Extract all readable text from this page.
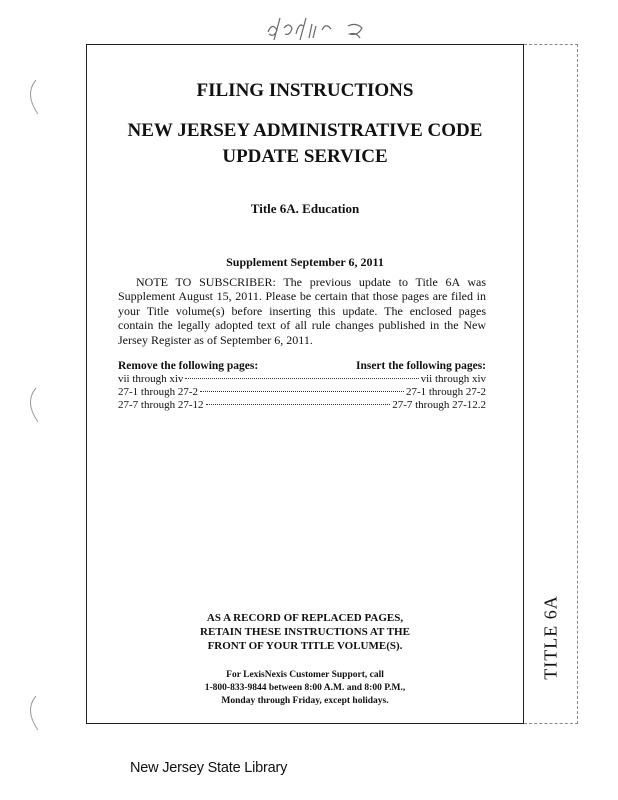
TITLE 6A
FILING INSTRUCTIONS
NEW JERSEY ADMINISTRATIVE CODE
UPDATE SERVICE
Title 6A. Education
Supplement September 6, 2011

NOTE TO SUBSCRIBER: The previous update to Title 6A was Supplement August 15, 2011. Please be certain that those pages are filed in your Title volume(s) before inserting this update. The enclosed pages contain the legally adopted text of all rule changes published in the New Jersey Register as of September 6, 2011.

Remove the following pages:	Insert the following pages:
vii through xiv	vii through xiv
27-1 through 27-2	27-1 through 27-2
27-7 through 27-12	27-7 through 27-12.2
AS A RECORD OF REPLACED PAGES,
RETAIN THESE INSTRUCTIONS AT THE
FRONT OF YOUR TITLE VOLUME(S).
For LexisNexis Customer Support, call
1-800-833-9844 between 8:00 A.M. and 8:00 P.M.,
Monday through Friday, except holidays.
New Jersey State Library
